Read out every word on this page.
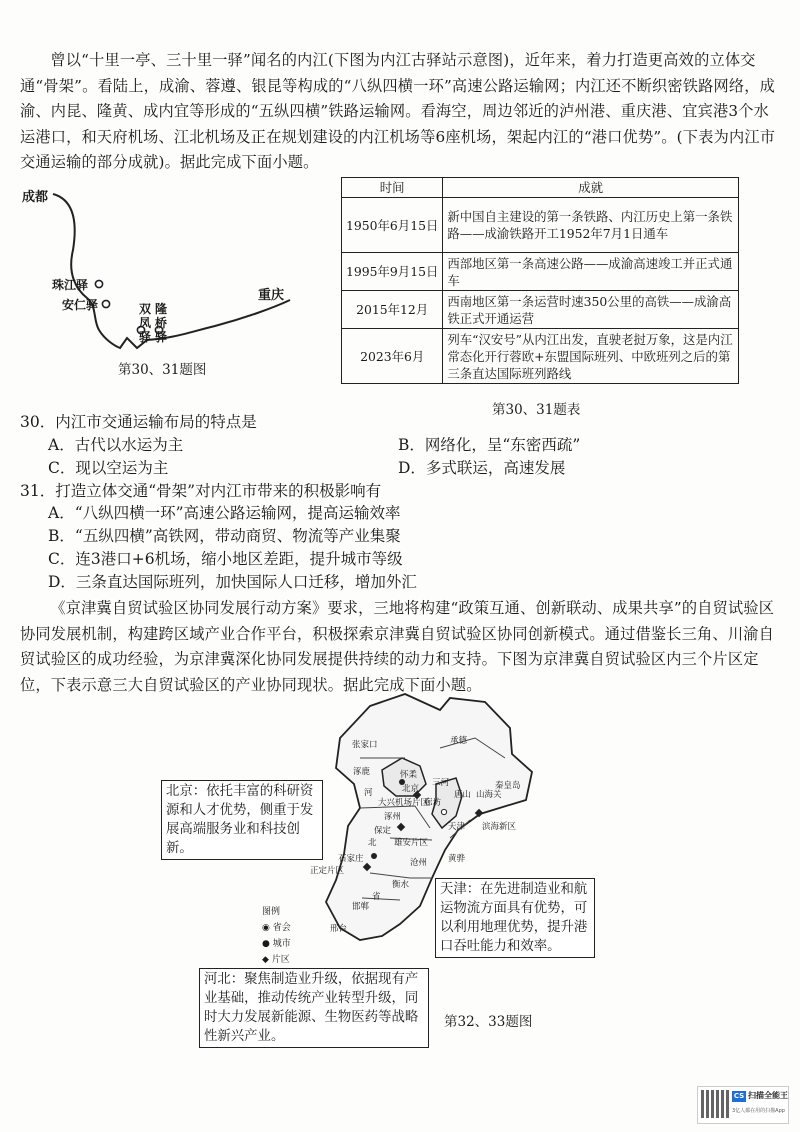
曾以“十里一亭、三十里一驿”闻名的内江(下图为内江古驿站示意图)，近年来，着力打造更高效的立体交通“骨架”。看陆上，成渝、蓉遵、银昆等构成的“八纵四横一环”高速公路运输网；内江还不断织密铁路网络，成渝、内昆、隆黄、成内宜等形成的“五纵四横”铁路运输网。看海空，周边邻近的泸州港、重庆港、宜宾港3个水运港口，和天府机场、江北机场及正在规划建设的内江机场等6座机场，架起内江的“港口优势”。(下表为内江市交通运输的部分成就)。据此完成下面小题。

成都
珠江驿
安仁驿	双
凤
驿
隆
桥
驿
重庆
第30、31题图
时间	成就
1950年6月15日	新中国自主建设的第一条铁路、内江历史上第一条铁路——成渝铁路开工1952年7月1日通车
1995年9月15日	西部地区第一条高速公路——成渝高速竣工并正式通车
2015年12月	西南地区第一条运营时速350公里的高铁——成渝高铁正式开通运营
2023年6月	列车“汉安号”从内江出发，直驶老挝万象，这是内江常态化开行蓉欧+东盟国际班列、中欧班列之后的第三条直达国际班列路线
第30、31题表
30．内江市交通运输布局的特点是
A．古代以水运为主	B．网络化，呈“东密西疏”
C．现以空运为主	D．多式联运，高速发展
31．打造立体交通“骨架”对内江市带来的积极影响有
A．“八纵四横一环”高速公路运输网，提高运输效率
B．“五纵四横”高铁网，带动商贸、物流等产业集聚
C．连3港口+6机场，缩小地区差距，提升城市等级
D．三条直达国际班列，加快国际人口迁移，增加外汇

《京津冀自贸试验区协同发展行动方案》要求，三地将构建“政策互通、创新联动、成果共享”的自贸试验区协同发展机制，构建跨区域产业合作平台，积极探索京津冀自贸试验区协同创新模式。通过借鉴长三角、川渝自贸试验区的成功经验，为京津冀深化协同发展提供持续的动力和支持。下图为京津冀自贸试验区内三个片区定位，下表示意三大自贸试验区的产业协同现状。据此完成下面小题。

张家口	承德
秦皇岛
涿鹿	怀柔
北京
三河
唐山 山海关
大兴机场片区
涿州
廊坊
天津 滨海新区
河
保定
雄安片区
北
石家庄
正定片区
沧州 黄骅
衡水
邯郸
邢台
省
图例
◉ 省会
● 城市
◆ 片区
北京：依托丰富的科研资源和人才优势，侧重于发展高端服务业和科技创新。
天津：在先进制造业和航运物流方面具有优势，可以利用地理优势，提升港口吞吐能力和效率。
河北：聚焦制造业升级，依据现有产业基础，推动传统产业转型升级，同时大力发展新能源、生物医药等战略性新兴产业。
第32、33题图
CS 扫描全能王
3亿人都在用的扫描App
